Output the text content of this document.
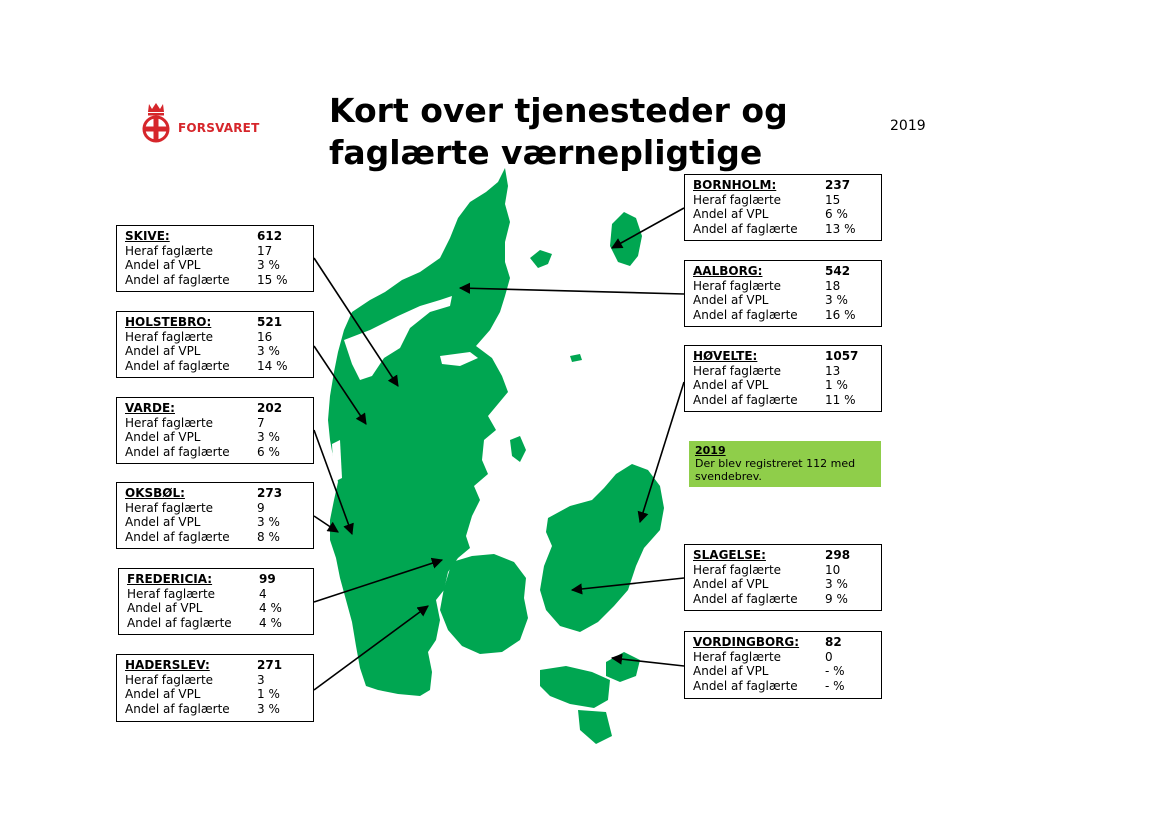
FORSVARET Kort over tjenesteder og
faglærte værnepligtige
2019
SKIVE:	612
Heraf faglærte	17
Andel af VPL	3 %
Andel af faglærte	15 %
HOLSTEBRO:	521
Heraf faglærte	16
Andel af VPL	3 %
Andel af faglærte	14 %
VARDE:	202
Heraf faglærte	7
Andel af VPL	3 %
Andel af faglærte	6 %
OKSBØL:	273
Heraf faglærte	9
Andel af VPL	3 %
Andel af faglærte	8 %
FREDERICIA:	99
Heraf faglærte	4
Andel af VPL	4 %
Andel af faglærte	4 %
HADERSLEV:	271
Heraf faglærte	3
Andel af VPL	1 %
Andel af faglærte	3 %
BORNHOLM:	237
Heraf faglærte	15
Andel af VPL	6 %
Andel af faglærte	13 %
AALBORG:	542
Heraf faglærte	18
Andel af VPL	3 %
Andel af faglærte	16 %
HØVELTE:	1057
Heraf faglærte	13
Andel af VPL	1 %
Andel af faglærte	11 %
SLAGELSE:	298
Heraf faglærte	10
Andel af VPL	3 %
Andel af faglærte	9 %
VORDINGBORG:	82
Heraf faglærte	0
Andel af VPL	- %
Andel af faglærte	- %
2019
Der blev registreret 112 med svendebrev.
